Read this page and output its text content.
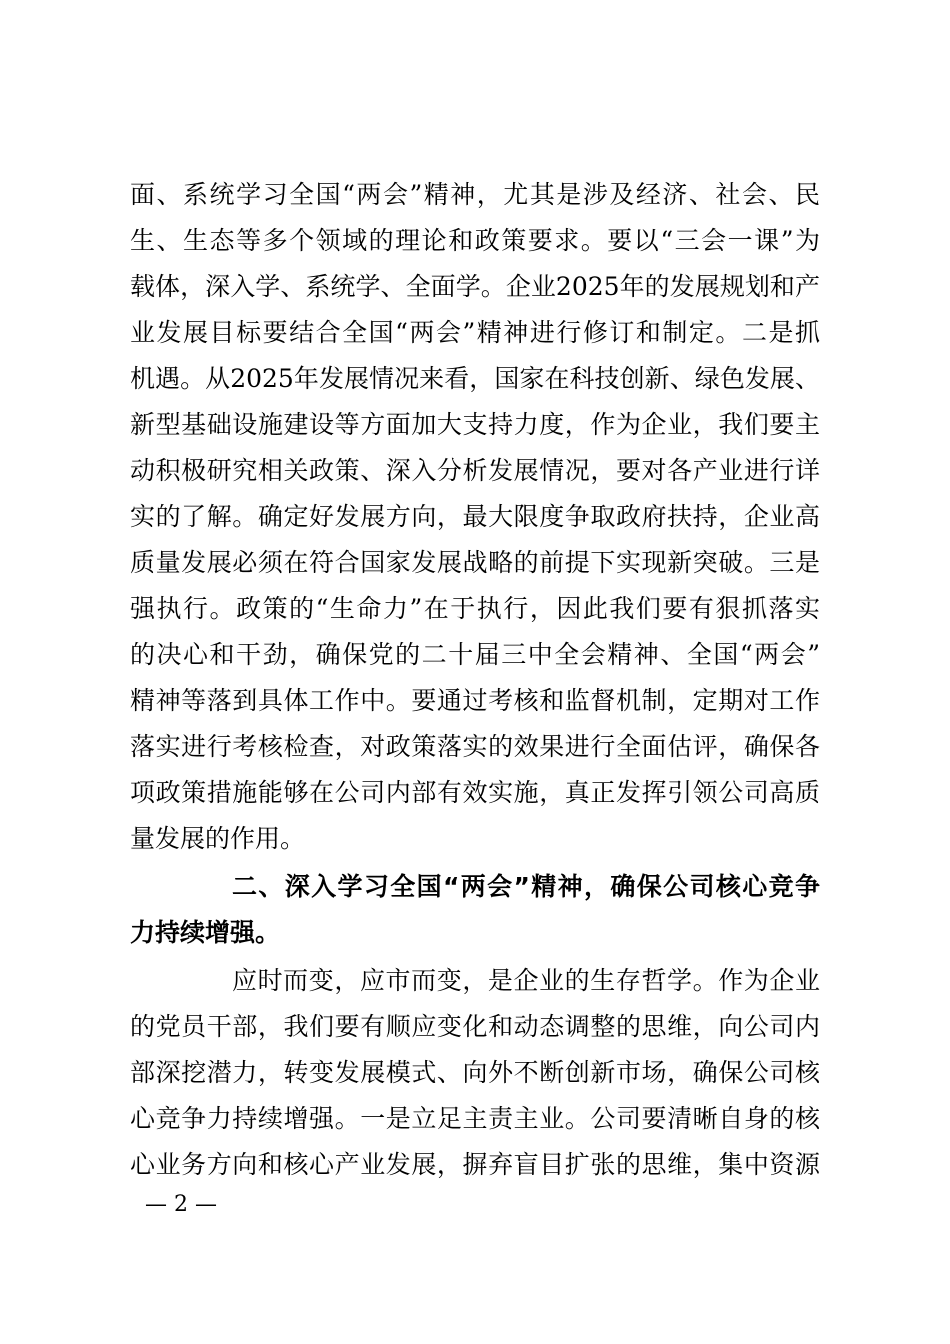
面、系统学习全国“两会”精神，尤其是涉及经济、社会、民
生、生态等多个领域的理论和政策要求。要以“三会一课”为
载体，深入学、系统学、全面学。企业2025年的发展规划和产
业发展目标要结合全国“两会”精神进行修订和制定。二是抓
机遇。从2025年发展情况来看，国家在科技创新、绿色发展、
新型基础设施建设等方面加大支持力度，作为企业，我们要主
动积极研究相关政策、深入分析发展情况，要对各产业进行详
实的了解。确定好发展方向，最大限度争取政府扶持，企业高
质量发展必须在符合国家发展战略的前提下实现新突破。三是
强执行。政策的“生命力”在于执行，因此我们要有狠抓落实
的决心和干劲，确保党的二十届三中全会精神、全国“两会”
精神等落到具体工作中。要通过考核和监督机制，定期对工作
落实进行考核检查，对政策落实的效果进行全面估评，确保各
项政策措施能够在公司内部有效实施，真正发挥引领公司高质
量发展的作用。
二、深入学习全国“两会”精神，确保公司核心竞争
力持续增强。
应时而变，应市而变，是企业的生存哲学。作为企业
的党员干部，我们要有顺应变化和动态调整的思维，向公司内
部深挖潜力，转变发展模式、向外不断创新市场，确保公司核
心竞争力持续增强。一是立足主责主业。公司要清晰自身的核
心业务方向和核心产业发展，摒弃盲目扩张的思维，集中资源
— 2 —
